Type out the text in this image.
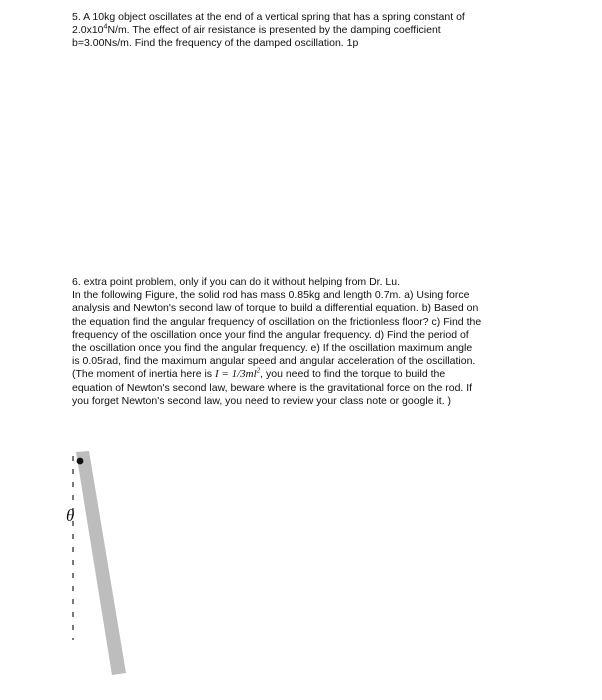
5. A 10kg object oscillates at the end of a vertical spring that has a spring constant of
$2.0x10^4N/m$. The effect of air resistance is presented by the damping coefficient
b=3.00Ns/m. Find the frequency of the damped oscillation. 1p
6. extra point problem, only if you can do it without helping from Dr. Lu.
In the following Figure, the solid rod has mass 0.85kg and length 0.7m. a) Using force
analysis and Newton's second law of torque to build a differential equation. b) Based on
the equation find the angular frequency of oscillation on the frictionless floor? c) Find the
frequency of the oscillation once your find the angular frequency. d) Find the period of
the oscillation once you find the angular frequency. e) If the oscillation maximum angle
is 0.05rad, find the maximum angular speed and angular acceleration of the oscillation.
(The moment of inertia here is $I = 1/3ml^2$, you need to find the torque to build the
equation of Newton's second law, beware where is the gravitational force on the rod. If
you forget Newton's second law, you need to review your class note or google it. )
θ
